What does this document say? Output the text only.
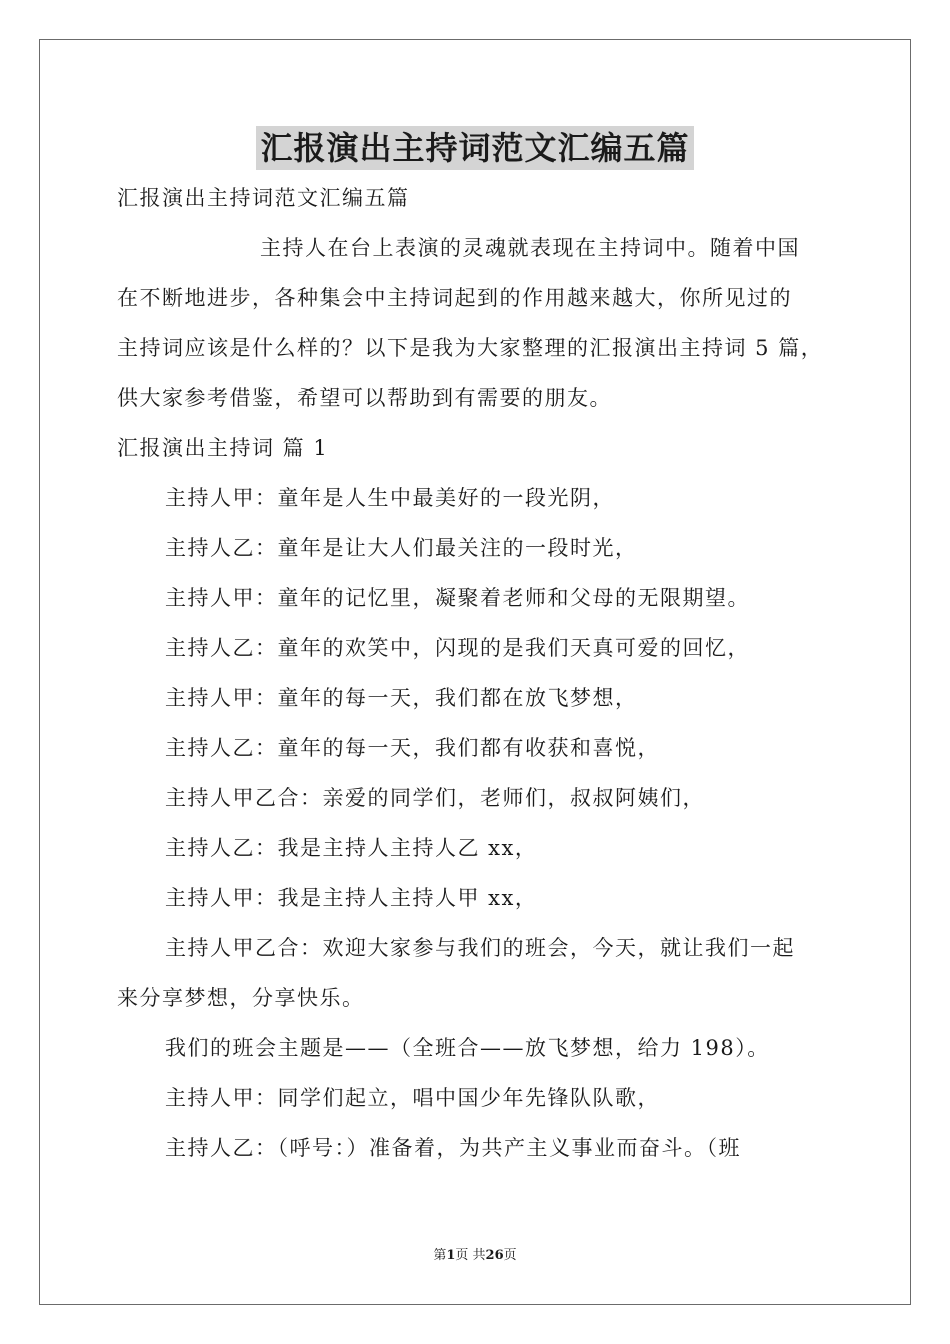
汇报演出主持词范文汇编五篇
汇报演出主持词范文汇编五篇
主持人在台上表演的灵魂就表现在主持词中。随着中国
在不断地进步，各种集会中主持词起到的作用越来越大，你所见过的
主持词应该是什么样的？以下是我为大家整理的汇报演出主持词 5 篇，
供大家参考借鉴，希望可以帮助到有需要的朋友。
汇报演出主持词 篇 1
主持人甲：童年是人生中最美好的一段光阴，
主持人乙：童年是让大人们最关注的一段时光，
主持人甲：童年的记忆里，凝聚着老师和父母的无限期望。
主持人乙：童年的欢笑中，闪现的是我们天真可爱的回忆，
主持人甲：童年的每一天，我们都在放飞梦想，
主持人乙：童年的每一天，我们都有收获和喜悦，
主持人甲乙合：亲爱的同学们，老师们，叔叔阿姨们，
主持人乙：我是主持人主持人乙 xx，
主持人甲：我是主持人主持人甲 xx，
主持人甲乙合：欢迎大家参与我们的班会，今天，就让我们一起
来分享梦想，分享快乐。
我们的班会主题是——（全班合——放飞梦想，给力 198）。
主持人甲：同学们起立，唱中国少年先锋队队歌，
主持人乙：（呼号：）准备着，为共产主义事业而奋斗。（班
第1页 共26页
